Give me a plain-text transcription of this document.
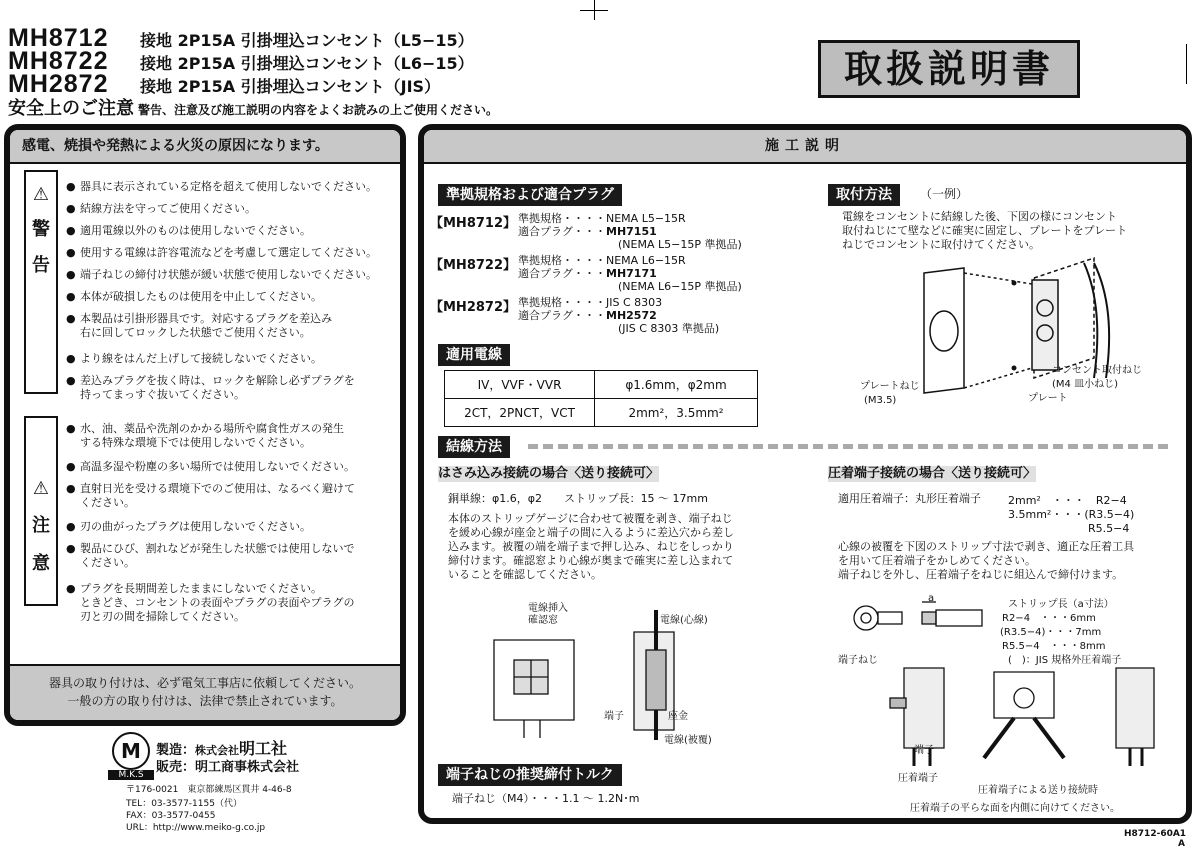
MH8712 接地 2P15A 引掛埋込コンセント（L5−15）
MH8722 接地 2P15A 引掛埋込コンセント（L6−15）
MH2872 接地 2P15A 引掛埋込コンセント（JIS）
安全上のご注意 警告、注意及び施工説明の内容をよくお読みの上ご使用ください。
取扱説明書
感電、焼損や発熱による火災の原因になります。
⚠
警
告
● 器具に表示されている定格を超えて使用しないでください。
● 結線方法を守ってご使用ください。
● 適用電線以外のものは使用しないでください。
● 使用する電線は許容電流などを考慮して選定してください。
● 端子ねじの締付け状態が緩い状態で使用しないでください。
● 本体が破損したものは使用を中止してください。
● 本製品は引掛形器具です。対応するプラグを差込み
右に回してロックした状態でご使用ください。
● より線をはんだ上げして接続しないでください。
● 差込みプラグを抜く時は、ロックを解除し必ずプラグを
持ってまっすぐ抜いてください。
⚠
注
意
● 水、油、薬品や洗剤のかかる場所や腐食性ガスの発生
する特殊な環境下では使用しないでください。
● 高温多湿や粉塵の多い場所では使用しないでください。
● 直射日光を受ける環境下でのご使用は、なるべく避けて
ください。
● 刃の曲がったプラグは使用しないでください。
● 製品にひび、割れなどが発生した状態では使用しないで
ください。
● プラグを長期間差したままにしないでください。
ときどき、コンセントの表面やプラグの表面やプラグの
刃と刃の間を掃除してください。
器具の取り付けは、必ず電気工事店に依頼してください。
一般の方の取り付けは、法律で禁止されています。
M
M.K.S
製造：株式会社明工社
販売：明工商事株式会社
〒176-0021　東京都練馬区貫井 4-46-8
TEL：03-3577-1155（代）
FAX：03-3577-0455
URL：http://www.meiko-g.co.jp
施工説明
準拠規格および適合プラグ
【MH8712】 準拠規格・・・・NEMA L5−15R
適合プラグ・・・MH7151
(NEMA L5−15P 準拠品)
【MH8722】 準拠規格・・・・NEMA L6−15R
適合プラグ・・・MH7171
(NEMA L6−15P 準拠品)
【MH2872】 準拠規格・・・・JIS C 8303
適合プラグ・・・MH2572
(JIS C 8303 準拠品)
適用電線
IV，VVF・VVR	φ1.6mm，φ2mm
2CT，2PNCT，VCT	2mm²，3.5mm²
取付方法	（一例）
電線をコンセントに結線した後、下図の様にコンセント
取付ねじにて壁などに確実に固定し、プレートをプレート
ねじでコンセントに取付けてください。
プレートねじ
(M3.5)
コンセント取付ねじ
(M4 皿小ねじ)
プレート
結線方法
はさみ込み接続の場合〈送り接続可〉
銅単線：φ1.6，φ2　　ストリップ長：15 〜 17mm
本体のストリップゲージに合わせて被覆を剥き、端子ねじ
を緩め心線が座金と端子の間に入るように差込穴から差し
込みます。被覆の端を端子まで押し込み、ねじをしっかり
締付けます。確認窓より心線が奥まで確実に差し込まれて
いることを確認してください。
電線挿入
確認窓	電線(心線)
端子	座金
電線(被覆)
圧着端子接続の場合〈送り接続可〉
適用圧着端子：丸形圧着端子 2mm²　・・・　R2−4
3.5mm²・・・(R3.5−4)
R5.5−4
心線の被覆を下図のストリップ寸法で剥き、適正な圧着工具
を用いて圧着端子をかしめてください。
端子ねじを外し、圧着端子をねじに組込んで締付けます。
a
ストリップ長（a寸法）
R2−4　・・・6mm
(R3.5−4)・・・7mm
R5.5−4　・・・8mm
(　)：JIS 規格外圧着端子
端子ねじ
端子
圧着端子
圧着端子による送り接続時
圧着端子の平らな面を内側に向けてください。
端子ねじの推奨締付トルク
端子ねじ（M4）・・・1.1 〜 1.2N･m
H8712-60A1
A
